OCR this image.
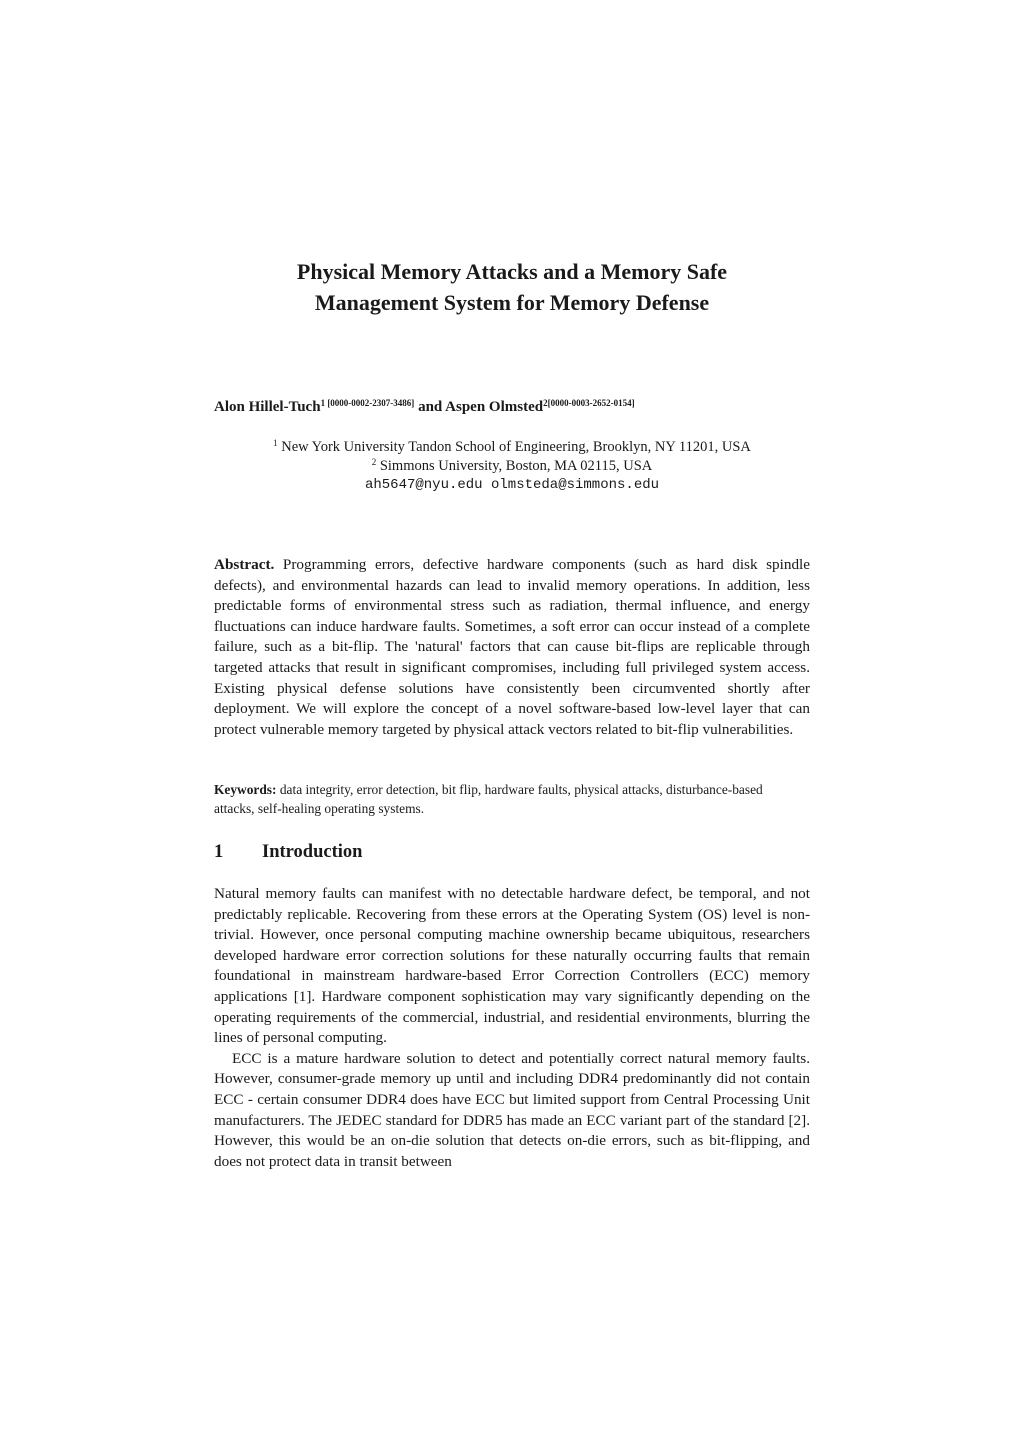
Physical Memory Attacks and a Memory Safe
Management System for Memory Defense
Alon Hillel-Tuch$^{1 [0000-0002-2307-3486]}$ and Aspen Olmsted$^{2[0000-0003-2652-0154]}$
$^1$ New York University Tandon School of Engineering, Brooklyn, NY 11201, USA
$^2$ Simmons University, Boston, MA 02115, USA
ah5647@nyu.edu olmsteda@simmons.edu
Abstract. Programming errors, defective hardware components (such as hard disk spindle defects), and environmental hazards can lead to invalid memory operations. In addition, less predictable forms of environmental stress such as radiation, thermal influence, and energy fluctuations can induce hardware faults. Sometimes, a soft error can occur instead of a complete failure, such as a bit-flip. The 'natural' factors that can cause bit-flips are replicable through targeted attacks that result in significant compromises, including full privileged system access. Existing physical defense solutions have consistently been circumvented shortly after deployment. We will explore the concept of a novel software-based low-level layer that can protect vulnerable memory targeted by physical attack vectors related to bit-flip vulnerabilities.
Keywords: data integrity, error detection, bit flip, hardware faults, physical attacks, disturbance-based attacks, self-healing operating systems.
1 Introduction

Natural memory faults can manifest with no detectable hardware defect, be temporal, and not predictably replicable. Recovering from these errors at the Operating System (OS) level is non-trivial. However, once personal computing machine ownership became ubiquitous, researchers developed hardware error correction solutions for these naturally occurring faults that remain foundational in mainstream hardware-based Error Correction Controllers (ECC) memory applications [1]. Hardware component sophistication may vary significantly depending on the operating requirements of the commercial, industrial, and residential environments, blurring the lines of personal computing.

ECC is a mature hardware solution to detect and potentially correct natural memory faults. However, consumer-grade memory up until and including DDR4 predominantly did not contain ECC - certain consumer DDR4 does have ECC but limited support from Central Processing Unit manufacturers. The JEDEC standard for DDR5 has made an ECC variant part of the standard [2]. However, this would be an on-die solution that detects on-die errors, such as bit-flipping, and does not protect data in transit between
